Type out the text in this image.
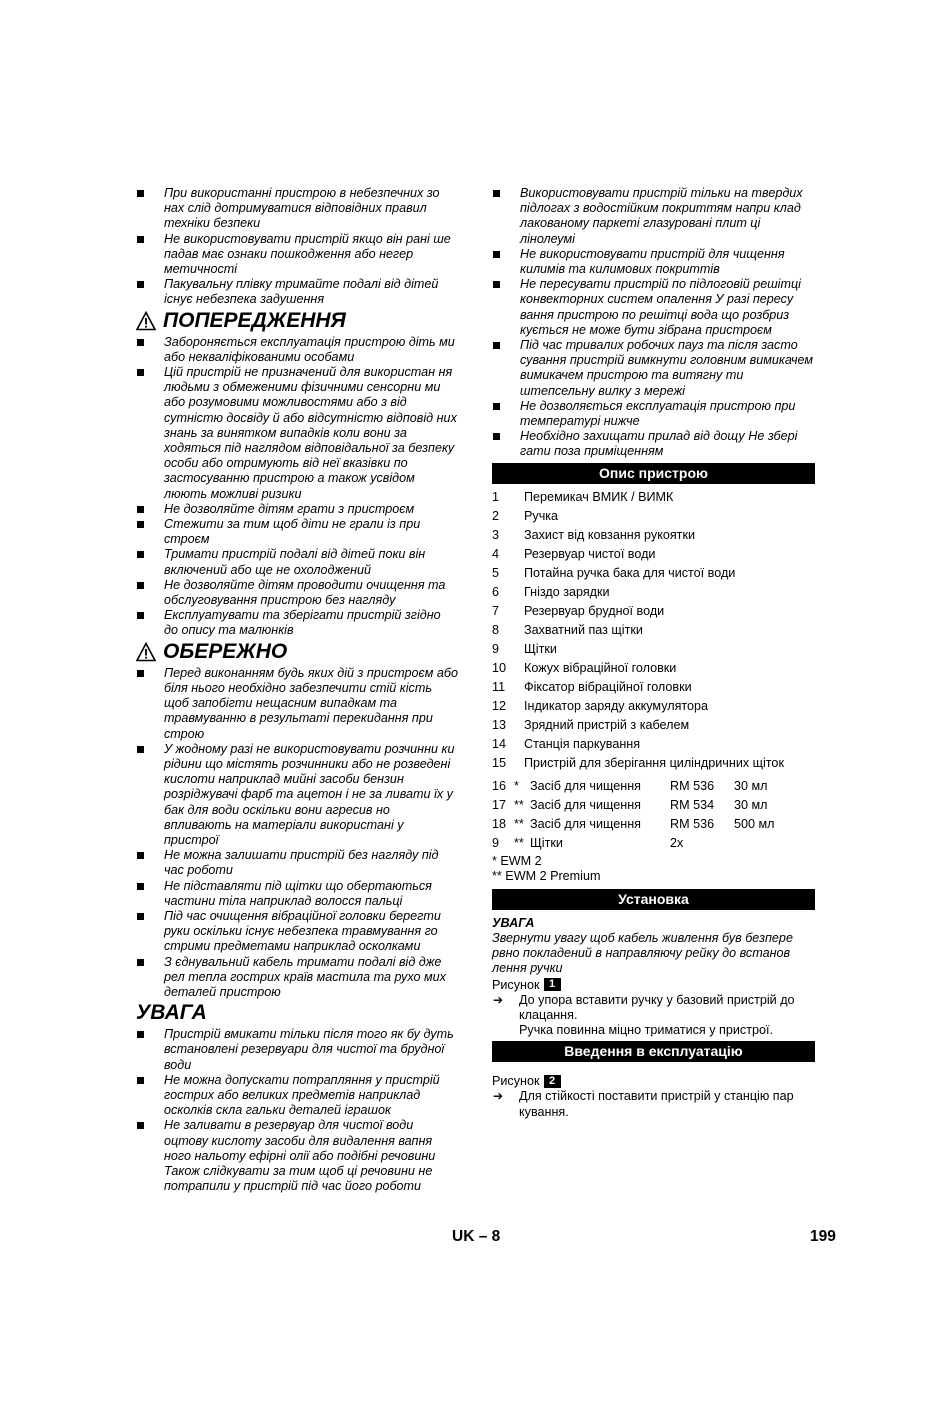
При використанні пристрою в небезпечних зо нах слід дотримуватися відповідних правил техніки безпеки
Не використовувати пристрій якщо він рані ше падав має ознаки пошкодження або негер метичності
Пакувальну плівку тримайте подалі від дітей існує небезпека задушення
ПОПЕРЕДЖЕННЯ
Забороняється експлуатація пристрою діть ми або некваліфікованими особами
Цій пристрій не призначений для використан ня людьми з обмеженими фізичними сенсорни ми або розумовими можливостями або з від сутністю досвіду й або відсутністю відповід них знань за винятком випадків коли вони за ходяться під наглядом відповідальної за безпеку особи або отримують від неї вказівки по застосуванню пристрою а також усвідом люють можливі ризики
Не дозволяйте дітям грати з пристроєм
Стежити за тим щоб діти не грали із при строєм
Тримати пристрій подалі від дітей поки він включений або ще не охолоджений
Не дозволяйте дітям проводити очищення та обслуговування пристрою без нагляду
Експлуатувати та зберігати пристрій згідно до опису та малюнків
ОБЕРЕЖНО
Перед виконанням будь яких дій з пристроєм або біля нього необхідно забезпечити стій кість щоб запобігти нещасним випадкам та травмуванню в результаті перекидання при строю
У жодному разі не використовувати розчинни ки рідини що містять розчинники або не розведені кислоти наприклад мийні засоби бензин розріджувачі фарб та ацетон і не за ливати їх у бак для води оскільки вони агресив но впливають на матеріали використані у пристрої
Не можна залишати пристрій без нагляду під час роботи
Не підставляти під щітки що обертаються частини тіла наприклад волосся пальці
Під час очищення вібраційної головки берегти руки оскільки існує небезпека травмування го стрими предметами наприклад осколками
З єднувальний кабель тримати подалі від дже рел тепла гострих країв мастила та рухо мих деталей пристрою
УВАГА
Пристрій вмикати тільки після того як бу дуть встановлені резервуари для чистої та брудної води
Не можна допускати потрапляння у пристрій гострих або великих предметів наприклад осколків скла гальки деталей іграшок
Не заливати в резервуар для чистої води оцтову кислоту засоби для видалення вапня ного нальоту ефірні олії або подібні речовини Також слідкувати за тим щоб ці речовини не потрапили у пристрій під час його роботи
Використовувати пристрій тільки на твердих підлогах з водостійким покриттям напри клад лакованому паркеті глазуровані плит ці лінолеумі
Не використовувати пристрій для чищення килимів та килимових покриттів
Не пересувати пристрій по підлоговій решітці конвекторних систем опалення У разі пересу вання пристрою по решітці вода що розбриз кується не може бути зібрана пристроєм
Під час тривалих робочих пауз та після засто сування пристрій вимкнути головним вимикачем вимикачем пристрою та витягну ти штепсельну вилку з мережі
Не дозволяється експлуатація пристрою при температурі нижче
Необхідно захищати прилад від дощу Не збері гати поза приміщенням
Опис пристрою
1	Перемикач ВМИК / ВИМК
2	Ручка
3	Захист від ковзання рукоятки
4	Резервуар чистої води
5	Потайна ручка бака для чистої води
6	Гніздо зарядки
7	Резервуар брудної води
8	Захватний паз щітки
9	Щітки
10	Кожух вібраційної головки
11	Фіксатор вібраційної головки
12	Індикатор заряду аккумулятора
13	Зрядний пристрій з кабелем
14	Станція паркування
15	Пристрій для зберігання циліндричних щіток
16 * Засіб для чищення	RM 536	30 мл
17 ** Засіб для чищення	RM 534	30 мл
18 ** Засіб для чищення	RM 536	500 мл
9	** Щітки	2x
* EWM 2
** EWM 2 Premium
Установка
УВАГА
Звернути увагу щоб кабель живлення був безпере рвно покладений в направляючу рейку до встанов лення ручки
Рисунок 1
➔ До упора вставити ручку у базовий пристрій до клацання.
Ручка повинна міцно триматися у пристрої.
Введення в експлуатацію
Рисунок 2
➔ Для стійкості поставити пристрій у станцію пар кування.
UK – 8	199
